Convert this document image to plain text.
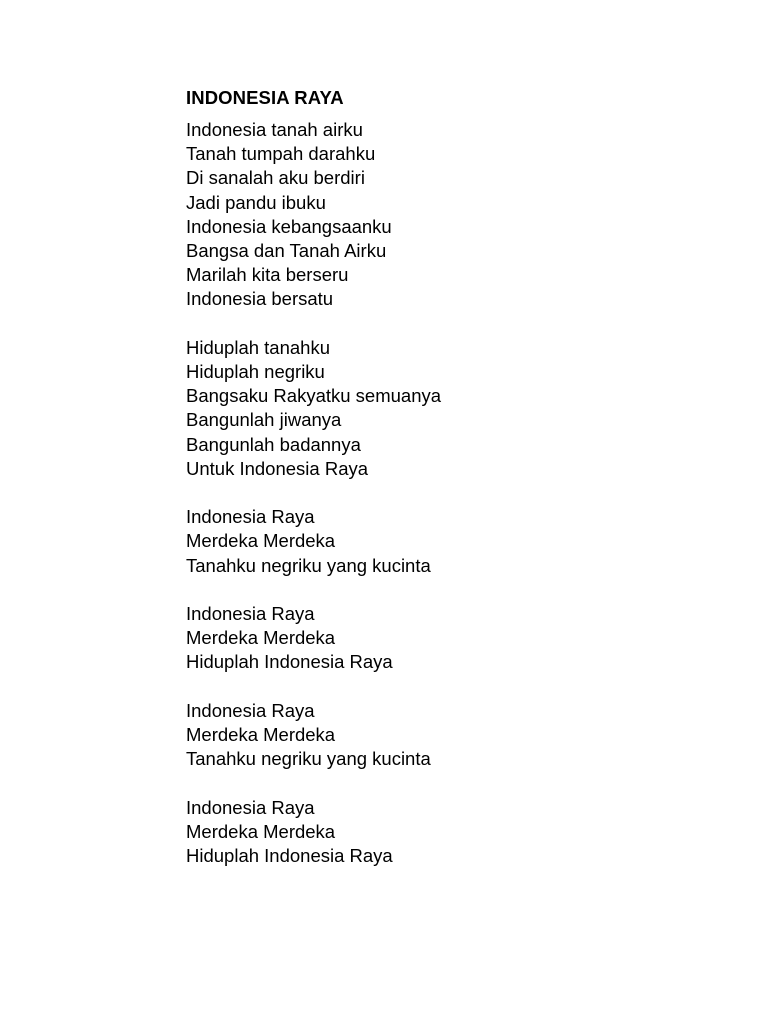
INDONESIA RAYA
Indonesia tanah airku
Tanah tumpah darahku
Di sanalah aku berdiri
Jadi pandu ibuku
Indonesia kebangsaanku
Bangsa dan Tanah Airku
Marilah kita berseru
Indonesia bersatu
Hiduplah tanahku
Hiduplah negriku
Bangsaku Rakyatku semuanya
Bangunlah jiwanya
Bangunlah badannya
Untuk Indonesia Raya
Indonesia Raya
Merdeka Merdeka
Tanahku negriku yang kucinta
Indonesia Raya
Merdeka Merdeka
Hiduplah Indonesia Raya
Indonesia Raya
Merdeka Merdeka
Tanahku negriku yang kucinta
Indonesia Raya
Merdeka Merdeka
Hiduplah Indonesia Raya
